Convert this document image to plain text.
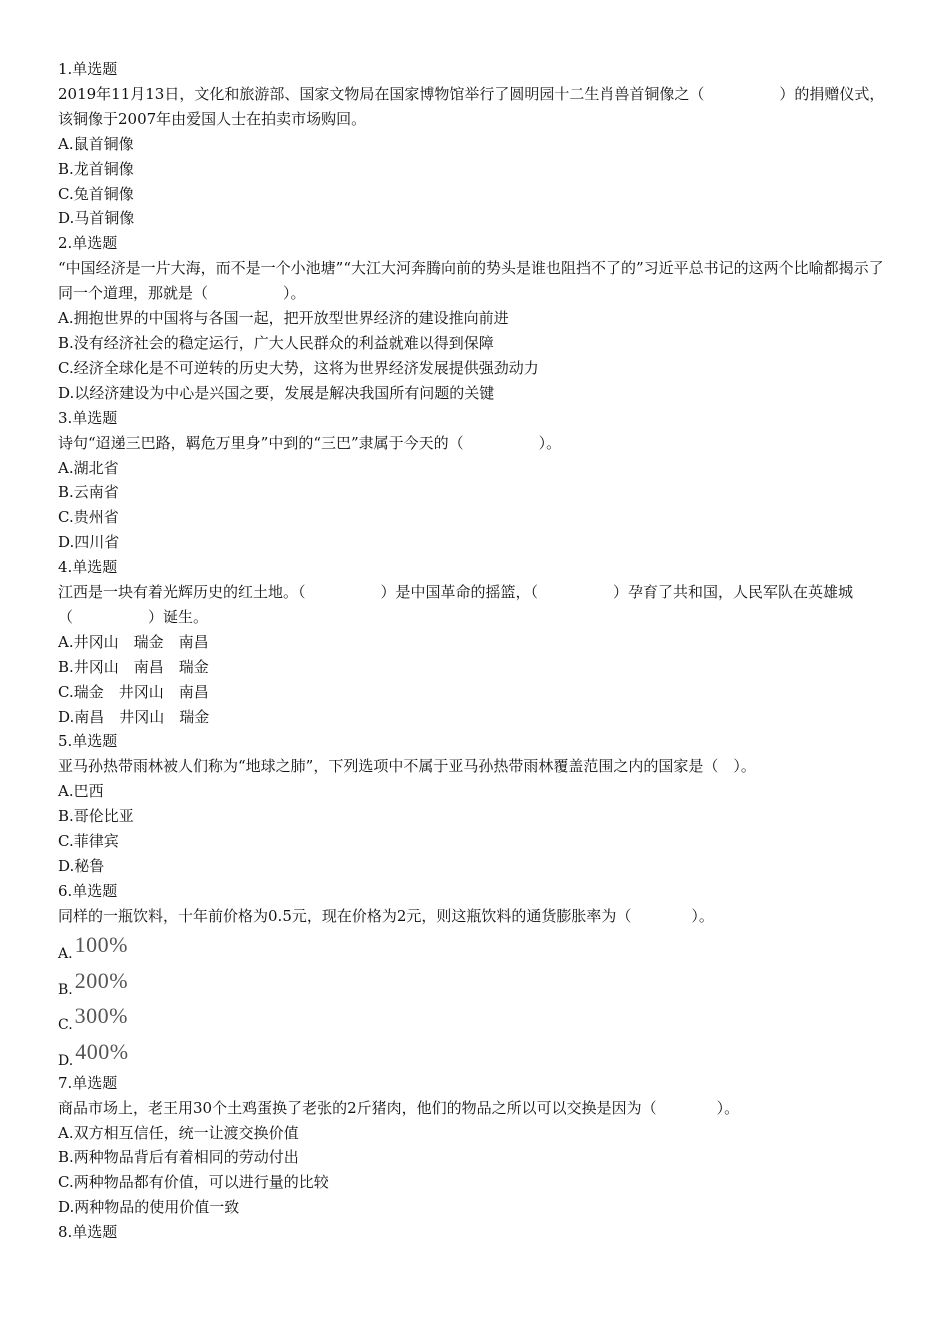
1.单选题
2019年11月13日，文化和旅游部、国家文物局在国家博物馆举行了圆明园十二生肖兽首铜像之（　　　　　）的捐赠仪式，该铜像于2007年由爱国人士在拍卖市场购回。
A.鼠首铜像
B.龙首铜像
C.兔首铜像
D.马首铜像
2.单选题
“中国经济是一片大海，而不是一个小池塘”“大江大河奔腾向前的势头是谁也阻挡不了的”习近平总书记的这两个比喻都揭示了同一个道理，那就是（　　　　　）。
A.拥抱世界的中国将与各国一起，把开放型世界经济的建设推向前进
B.没有经济社会的稳定运行，广大人民群众的利益就难以得到保障
C.经济全球化是不可逆转的历史大势，这将为世界经济发展提供强劲动力
D.以经济建设为中心是兴国之要，发展是解决我国所有问题的关键
3.单选题
诗句“迢递三巴路，羁危万里身”中到的“三巴”隶属于今天的（　　　　　）。
A.湖北省
B.云南省
C.贵州省
D.四川省
4.单选题
江西是一块有着光辉历史的红土地。（　　　　　）是中国革命的摇篮，（　　　　　）孕育了共和国，人民军队在英雄城（　　　　　）诞生。
A.井冈山　瑞金　南昌
B.井冈山　南昌　瑞金
C.瑞金　井冈山　南昌
D.南昌　井冈山　瑞金
5.单选题
亚马孙热带雨林被人们称为“地球之肺”，下列选项中不属于亚马孙热带雨林覆盖范围之内的国家是（　）。
A.巴西
B.哥伦比亚
C.菲律宾
D.秘鲁
6.单选题
同样的一瓶饮料，十年前价格为0.5元，现在价格为2元，则这瓶饮料的通货膨胀率为（　　　　）。
A. 100%
B. 200%
C. 300%
D. 400%
7.单选题
商品市场上，老王用30个土鸡蛋换了老张的2斤猪肉，他们的物品之所以可以交换是因为（　　　　）。
A.双方相互信任，统一让渡交换价值
B.两种物品背后有着相同的劳动付出
C.两种物品都有价值，可以进行量的比较
D.两种物品的使用价值一致
8.单选题
